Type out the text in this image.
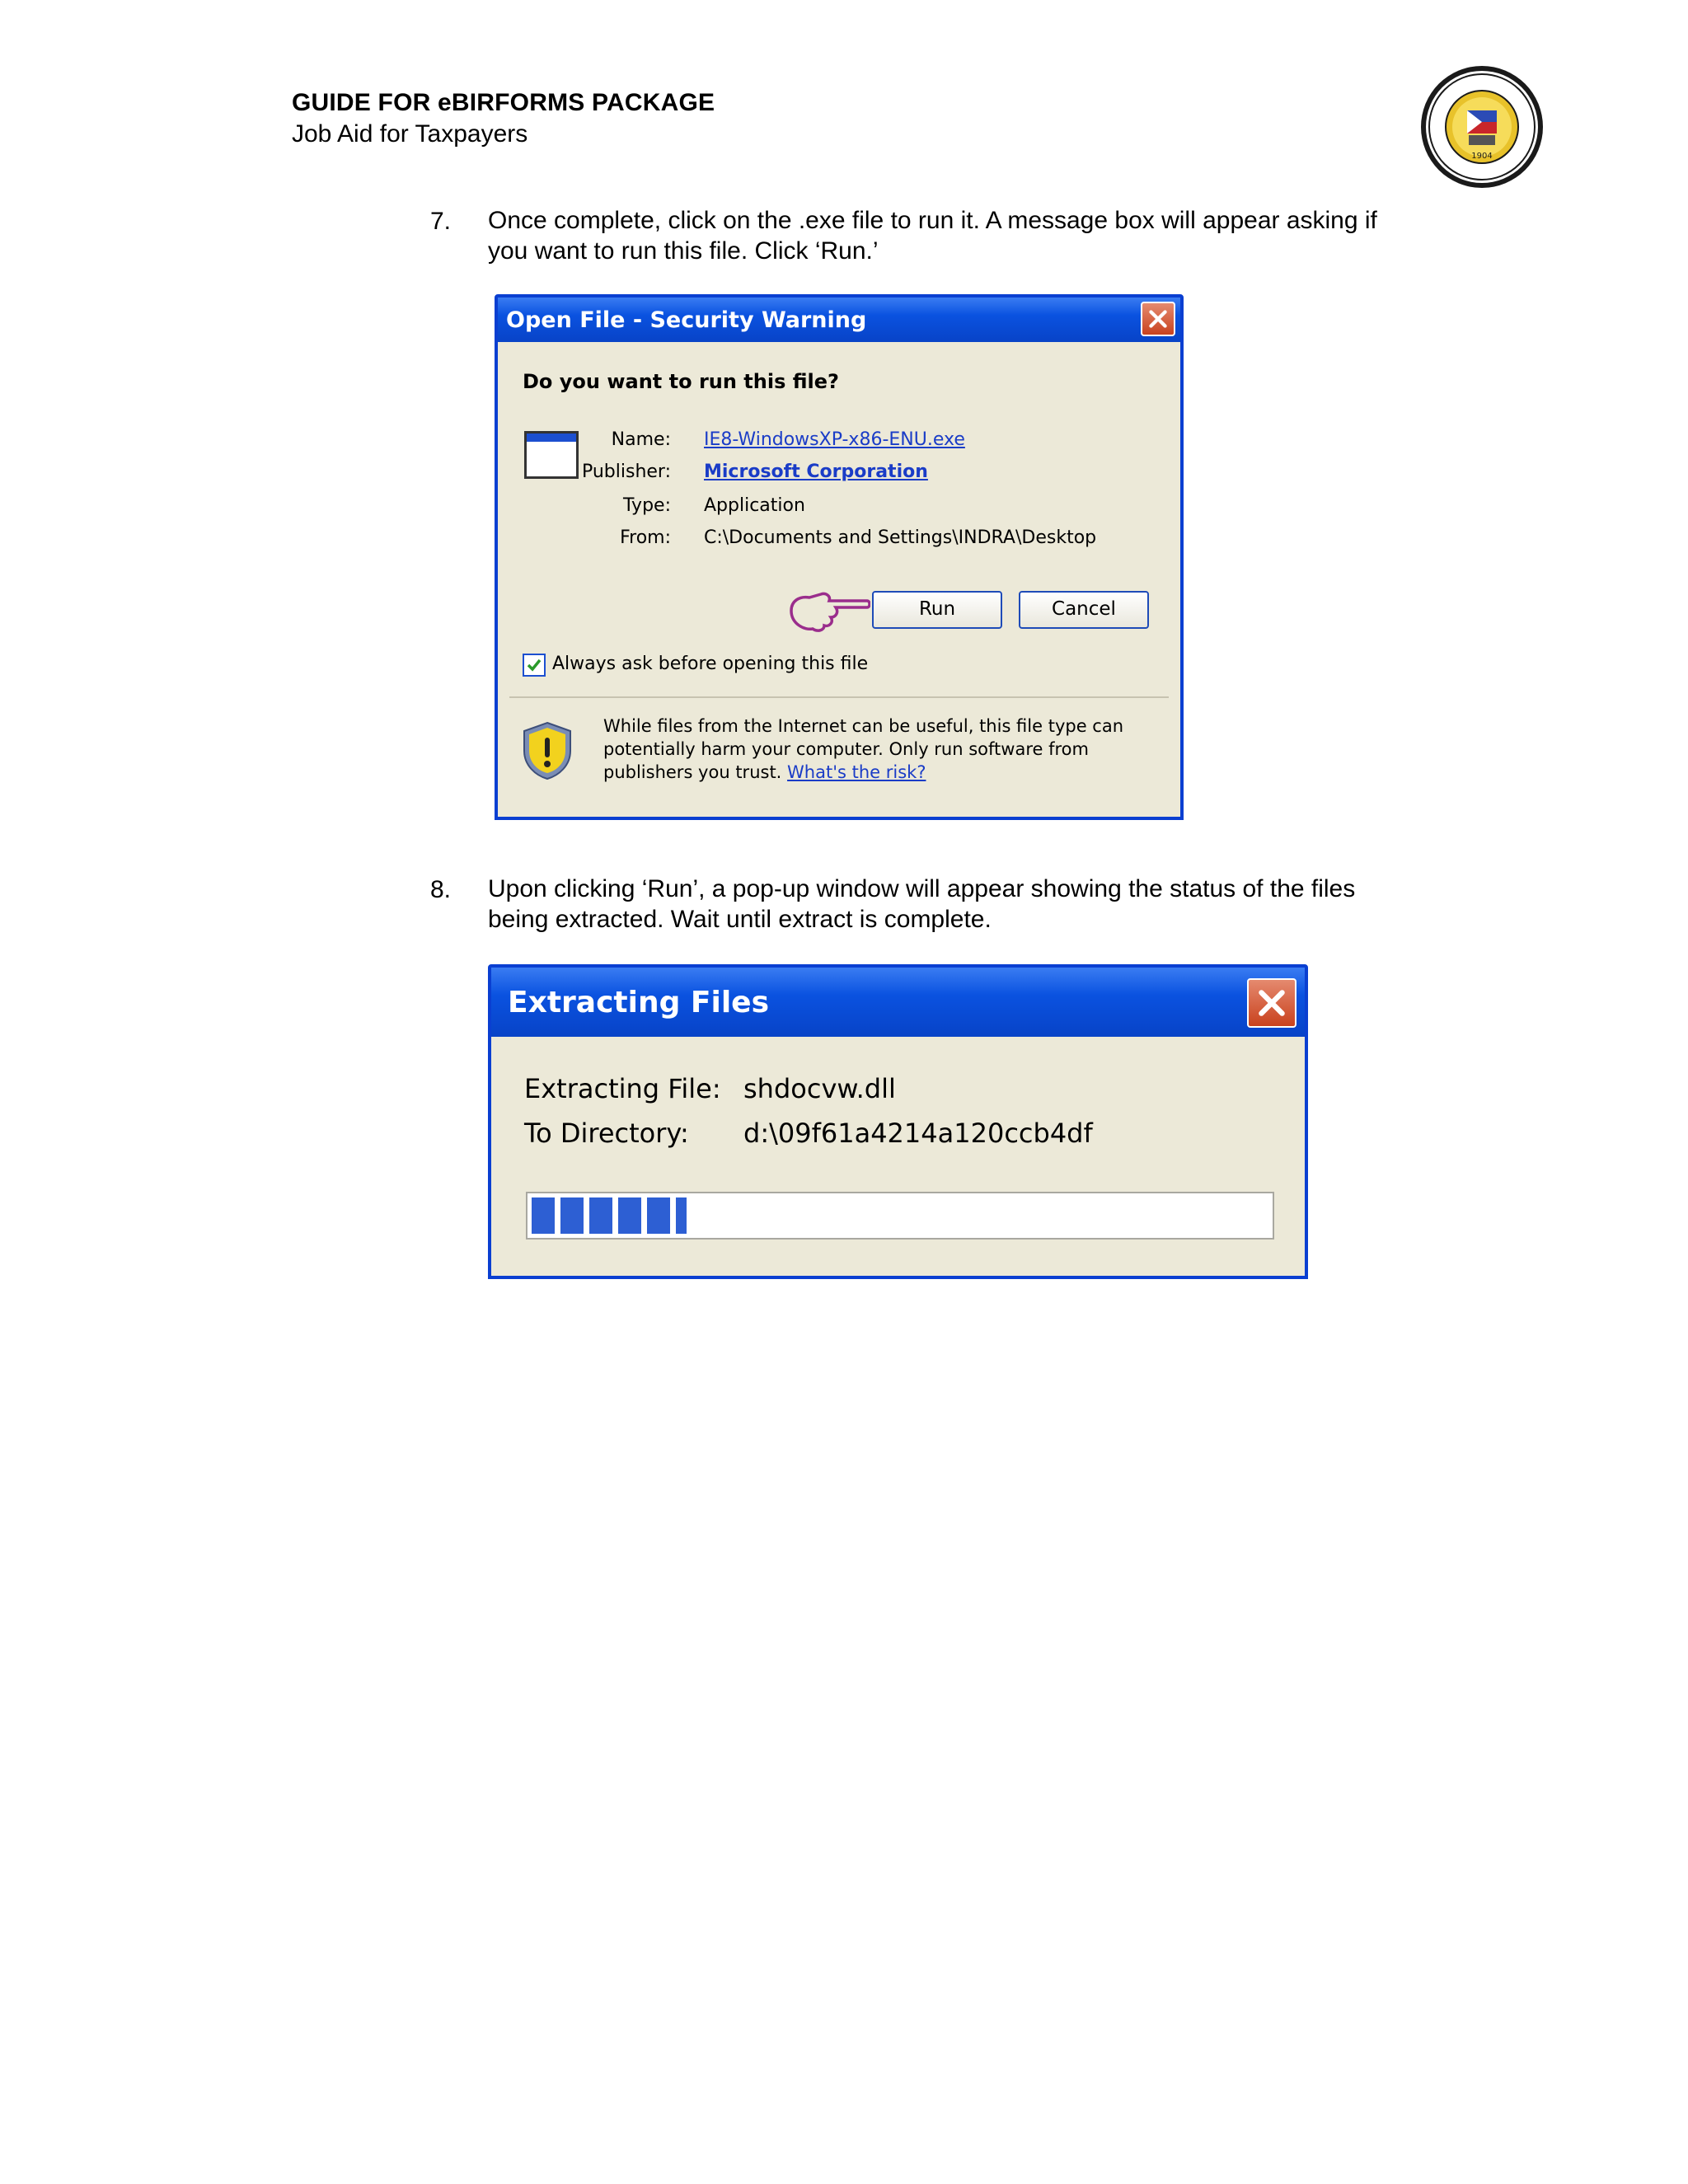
GUIDE FOR eBIRFORMS PACKAGE
Job Aid for Taxpayers
1904
7. Once complete, click on the .exe file to run it. A message box will appear asking if you want to run this file. Click ‘Run.’
Open File - Security Warning
Do you want to run this file?
Name: IE8-WindowsXP-x86-ENU.exe
Publisher: Microsoft Corporation
Type: Application
From: C:\Documents and Settings\INDRA\Desktop
Run	Cancel
Always ask before opening this file
While files from the Internet can be useful, this file type can potentially harm your computer. Only run software from publishers you trust. What's the risk?
8. Upon clicking ‘Run’, a pop-up window will appear showing the status of the files being extracted. Wait until extract is complete.
Extracting Files
Extracting File: shdocvw.dll
To Directory: d:\09f61a4214a120ccb4df
